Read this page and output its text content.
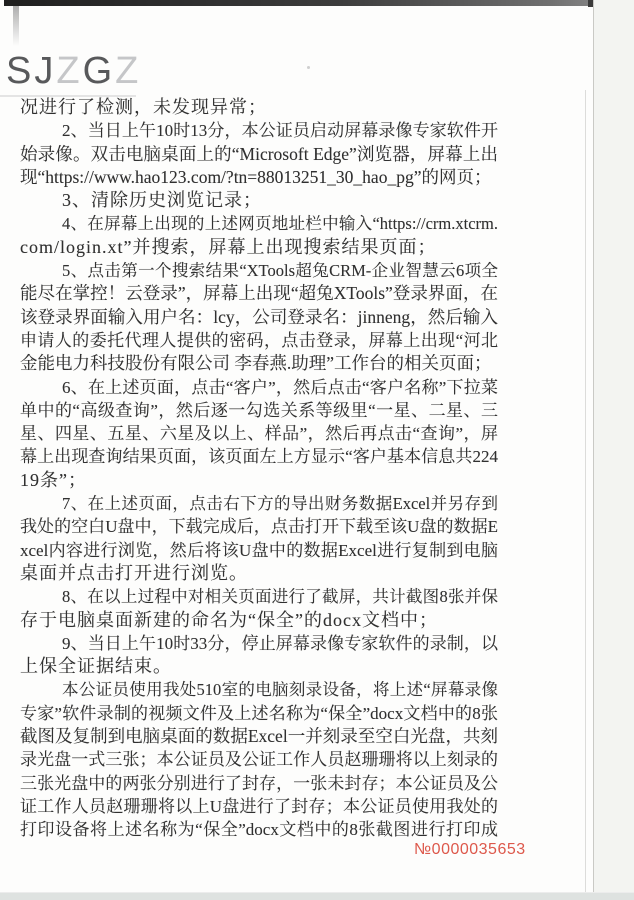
SJZGZ
况进行了检测，未发现异常；
2、当日上午10时13分，本公证员启动屏幕录像专家软件开
始录像。双击电脑桌面上的“Microsoft Edge”浏览器，屏幕上出
现“https://www.hao123.com/?tn=88013251_30_hao_pg”的网页；
3、清除历史浏览记录；
4、在屏幕上出现的上述网页地址栏中输入“https://crm.xtcrm.
com/login.xt”并搜索，屏幕上出现搜索结果页面；
5、点击第一个搜索结果“XTools超兔CRM-企业智慧云6项全
能尽在掌控！云登录”，屏幕上出现“超兔XTools”登录界面，在
该登录界面输入用户名：lcy，公司登录名：jinneng，然后输入
申请人的委托代理人提供的密码，点击登录，屏幕上出现“河北
金能电力科技股份有限公司 李春燕.助理”工作台的相关页面；
6、在上述页面，点击“客户”，然后点击“客户名称”下拉菜
单中的“高级查询”，然后逐一勾选关系等级里“一星、二星、三
星、四星、五星、六星及以上、样品”，然后再点击“查询”，屏
幕上出现查询结果页面，该页面左上方显示“客户基本信息共224
19条”；
7、在上述页面，点击右下方的导出财务数据Excel并另存到
我处的空白U盘中，下载完成后，点击打开下载至该U盘的数据E
xcel内容进行浏览，然后将该U盘中的数据Excel进行复制到电脑
桌面并点击打开进行浏览。
8、在以上过程中对相关页面进行了截屏，共计截图8张并保
存于电脑桌面新建的命名为“保全”的docx文档中；
9、当日上午10时33分，停止屏幕录像专家软件的录制，以
上保全证据结束。
本公证员使用我处510室的电脑刻录设备，将上述“屏幕录像
专家”软件录制的视频文件及上述名称为“保全”docx文档中的8张
截图及复制到电脑桌面的数据Excel一并刻录至空白光盘，共刻
录光盘一式三张；本公证员及公证工作人员赵珊珊将以上刻录的
三张光盘中的两张分别进行了封存，一张未封存；本公证员及公
证工作人员赵珊珊将以上U盘进行了封存；本公证员使用我处的
打印设备将上述名称为“保全”docx文档中的8张截图进行打印成
№0000035653
